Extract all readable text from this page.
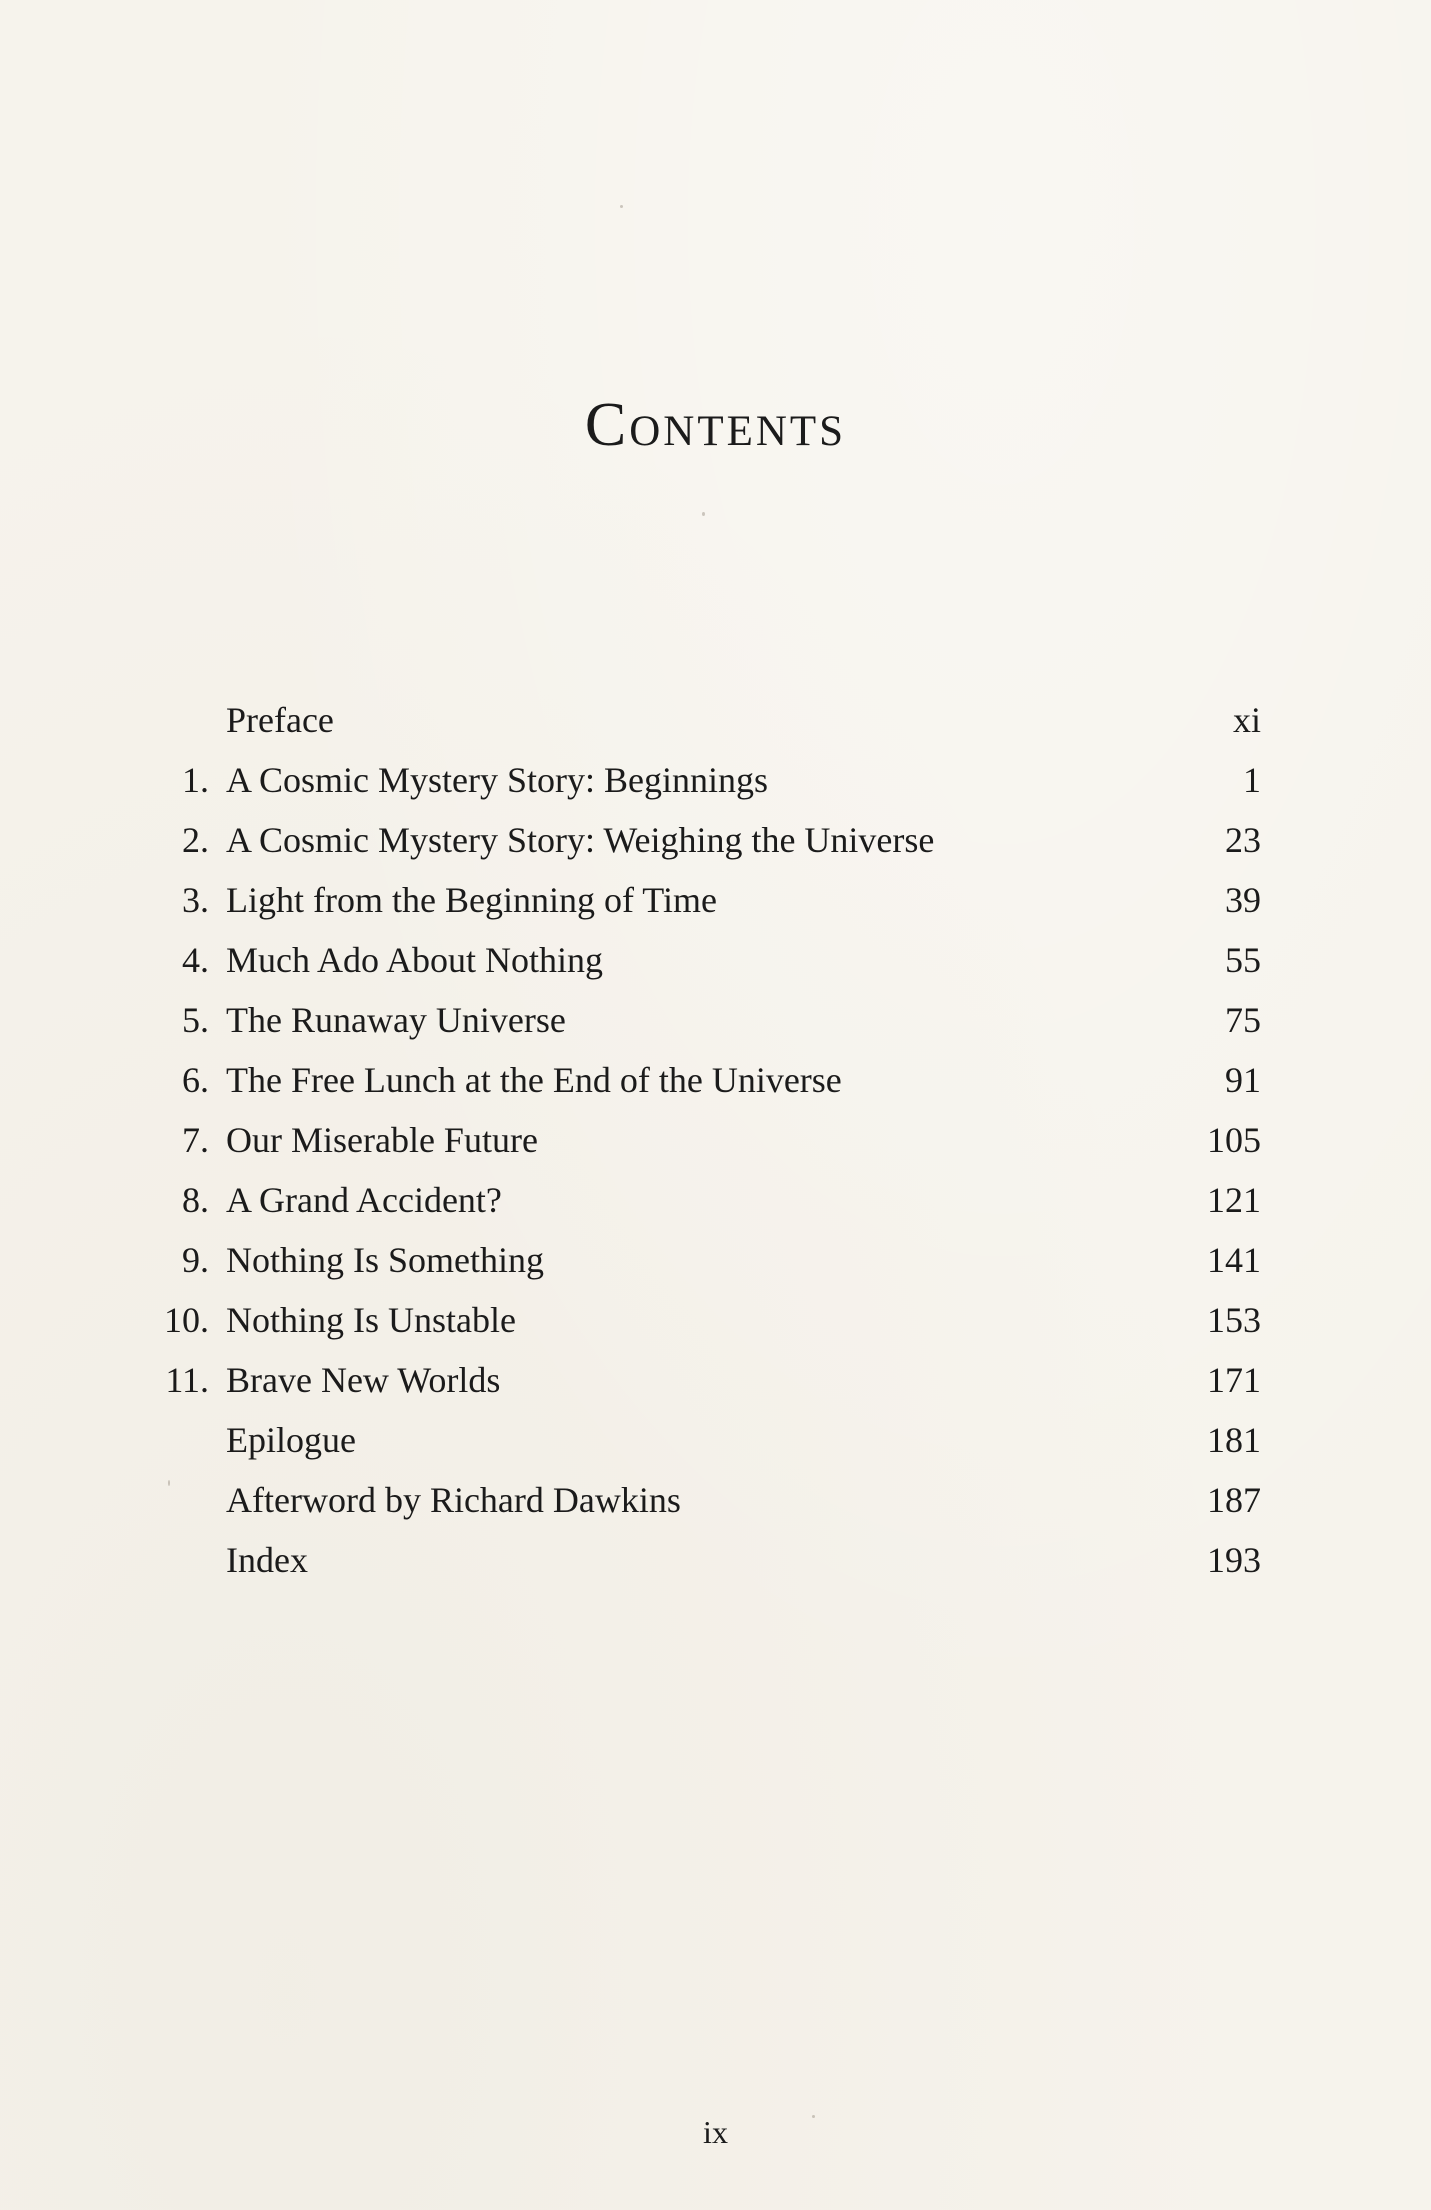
Contents
Preface	xi
1. A Cosmic Mystery Story: Beginnings	1
2. A Cosmic Mystery Story: Weighing the Universe	23
3. Light from the Beginning of Time	39
4. Much Ado About Nothing	55
5. The Runaway Universe	75
6. The Free Lunch at the End of the Universe	91
7. Our Miserable Future	105
8. A Grand Accident?	121
9. Nothing Is Something	141
10. Nothing Is Unstable	153
11. Brave New Worlds	171
Epilogue	181
Afterword by Richard Dawkins	187
Index	193
ix
